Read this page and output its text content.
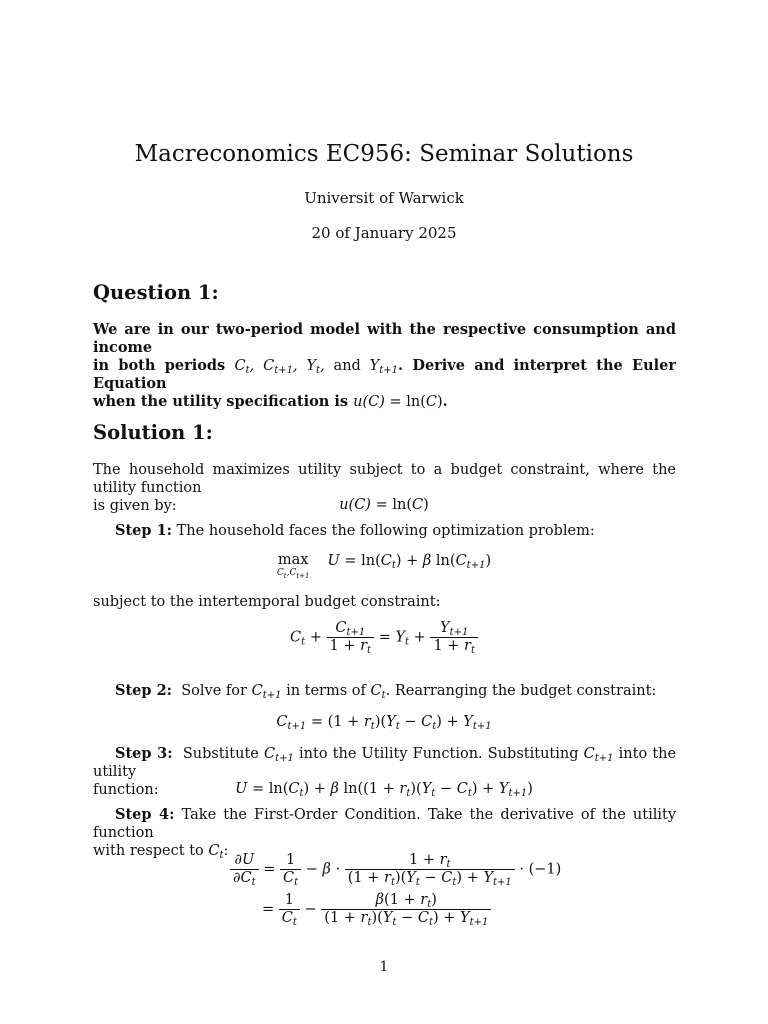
Macreconomics EC956: Seminar Solutions
Universit of Warwick
20 of January 2025
Question 1:
We are in our two-period model with the respective consumption and income
in both periods $C_t$, $C_{t+1}$, $Y_t$, and $Y_{t+1}$. Derive and interpret the Euler Equation
when the utility specification is u(C) = ln(C).
Solution 1:
The household maximizes utility subject to a budget constraint, where the utility function
is given by:	u(C) = ln(C)
Step 1: The household faces the following optimization problem:
max
$C_t,C_{t+1}$
$U = \ln(C_t) + \beta$ $\ln(C_{t+1})$
subject to the intertemporal budget constraint:
$C_t + \frac{C_{t+1}}{1 + r_t} = Y_t + \frac{Y_{t+1}}{1 + r_t}$
Step 2: Solve for $C_{t+1}$ in terms of $C_t$. Rearranging the budget constraint:
$C_{t+1} = (1 + r_t)(Y_t - C_t) + Y_{t+1}$
Step 3: Substitute $C_{t+1}$ into the Utility Function. Substituting $C_{t+1}$ into the utility
function:	$U = \ln(C_t) + \beta$ $\ln((1 + r_t)(Y_t - C_t) + Y_{t+1})$
Step 4: Take the First-Order Condition. Take the derivative of the utility function
with respect to $C_t$:
$\frac{\partial U}{\partial C_t} = \frac{1}{C_t} - \beta \cdot \frac{1 + r_t}{(1 + r_t)(Y_t - C_t) + Y_{t+1}} \cdot (-1)$
= $\frac{1}{C_t} - \frac{\beta(1 + r_t)}{(1 + r_t)(Y_t - C_t) + Y_{t+1}}$
1
